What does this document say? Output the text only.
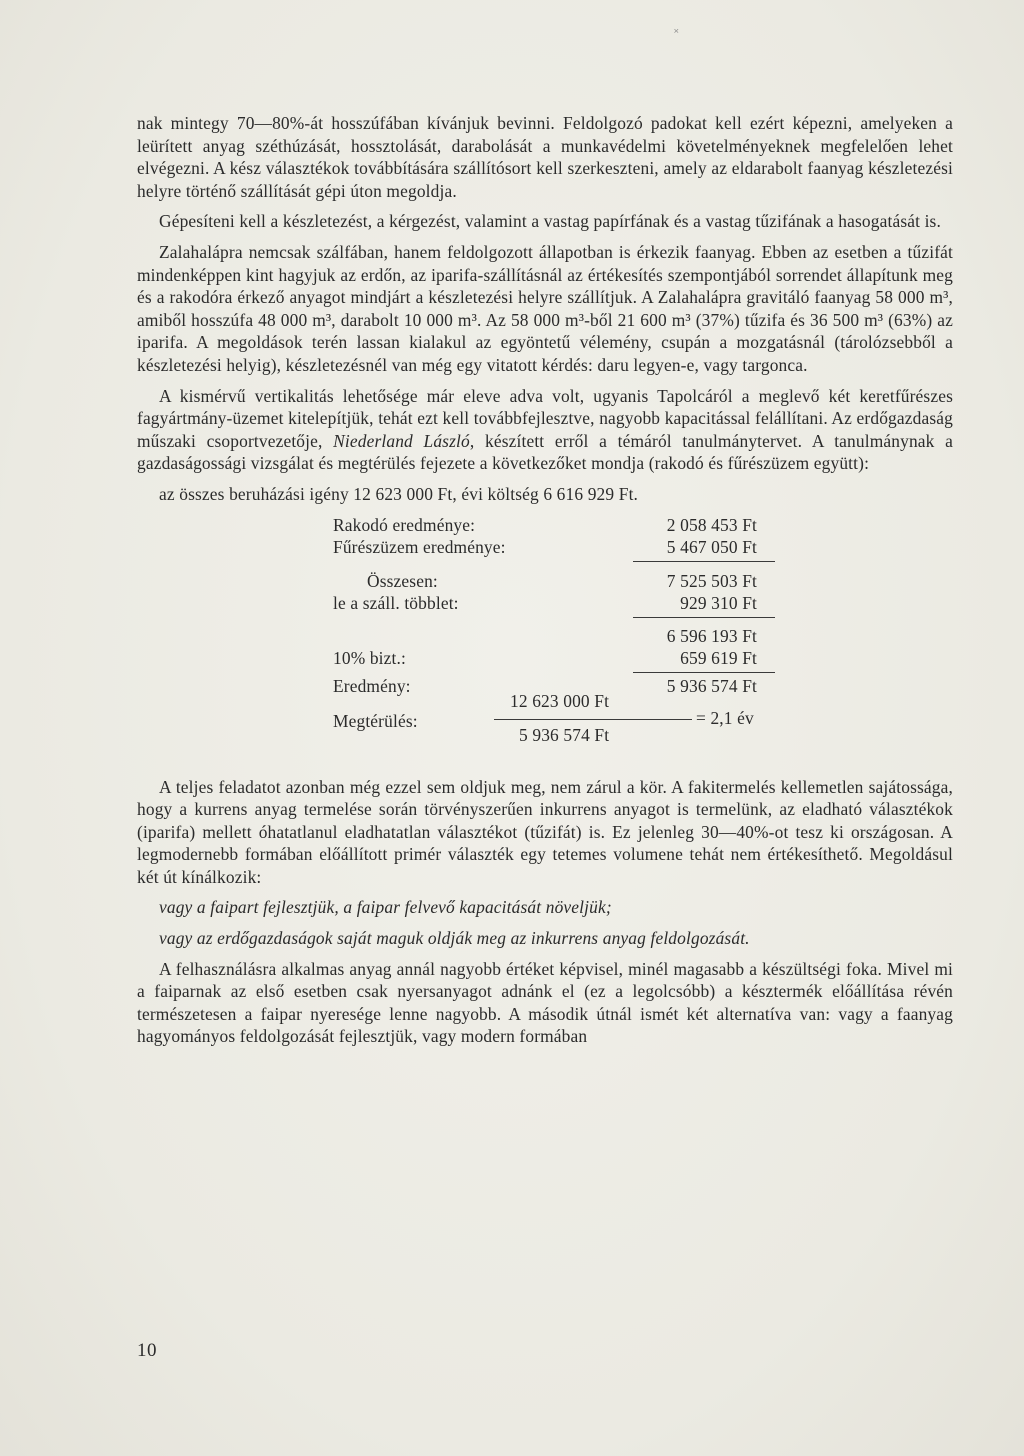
˟

nak mintegy 70—80%-át hosszúfában kívánjuk bevinni. Feldolgozó padokat kell ezért képezni, amelyeken a leürített anyag széthúzását, hossztolását, darabolását a munkavédelmi követelményeknek megfelelően lehet elvégezni. A kész választékok továbbítására szállítósort kell szerkeszteni, amely az eldarabolt faanyag készletezési helyre történő szállítását gépi úton megoldja.

Gépesíteni kell a készletezést, a kérgezést, valamint a vastag papírfának és a vastag tűzifának a hasogatását is.

Zalahalápra nemcsak szálfában, hanem feldolgozott állapotban is érkezik faanyag. Ebben az esetben a tűzifát mindenképpen kint hagyjuk az erdőn, az iparifa-szállításnál az értékesítés szempontjából sorrendet állapítunk meg és a rakodóra érkező anyagot mindjárt a készletezési helyre szállítjuk. A Zalahalápra gravitáló faanyag 58 000 m³, amiből hosszúfa 48 000 m³, darabolt 10 000 m³. Az 58 000 m³-ből 21 600 m³ (37%) tűzifa és 36 500 m³ (63%) az iparifa. A megoldások terén lassan kialakul az egyöntetű vélemény, csupán a mozgatásnál (tárolózsebből a készletezési helyig), készletezésnél van még egy vitatott kérdés: daru legyen-e, vagy targonca.

A kismérvű vertikalitás lehetősége már eleve adva volt, ugyanis Tapolcáról a meglevő két keretfűrészes fagyártmány-üzemet kitelepítjük, tehát ezt kell továbbfejlesztve, nagyobb kapacitással felállítani. Az erdőgazdaság műszaki csoportvezetője, Niederland László, készített erről a témáról tanulmánytervet. A tanulmánynak a gazdaságossági vizsgálat és megtérülés fejezete a következőket mondja (rakodó és fűrészüzem együtt):

az összes beruházási igény 12 623 000 Ft, évi költség 6 616 929 Ft.

Rakodó eredménye:	2 058 453 Ft
Fűrészüzem eredménye:	5 467 050 Ft
Összesen:	7 525 503 Ft
le a száll. többlet:	929 310 Ft
6 596 193 Ft
10% bizt.:	659 619 Ft
Eredmény:	5 936 574 Ft
Megtérülés:
12 623 000 Ft
5 936 574 Ft
= 2,1 év

A teljes feladatot azonban még ezzel sem oldjuk meg, nem zárul a kör. A fakitermelés kellemetlen sajátossága, hogy a kurrens anyag termelése során törvényszerűen inkurrens anyagot is termelünk, az eladható választékok (iparifa) mellett óhatatlanul eladhatatlan választékot (tűzifát) is. Ez jelenleg 30—40%-ot tesz ki országosan. A legmodernebb formában előállított primér választék egy tetemes volumene tehát nem értékesíthető. Megoldásul két út kínálkozik:

vagy a faipart fejlesztjük, a faipar felvevő kapacitását növeljük;

vagy az erdőgazdaságok saját maguk oldják meg az inkurrens anyag feldolgozását.

A felhasználásra alkalmas anyag annál nagyobb értéket képvisel, minél magasabb a készültségi foka. Mivel mi a faiparnak az első esetben csak nyersanyagot adnánk el (ez a legolcsóbb) a késztermék előállítása révén természetesen a faipar nyeresége lenne nagyobb. A második útnál ismét két alternatíva van: vagy a faanyag hagyományos feldolgozását fejlesztjük, vagy modern formában

10
